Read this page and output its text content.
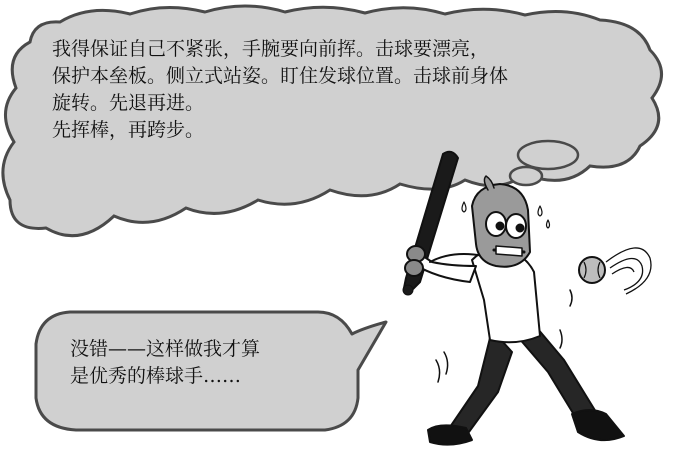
我得保证自己不紧张，手腕要向前挥。击球要漂亮，
保护本垒板。侧立式站姿。盯住发球位置。击球前身体
旋转。先退再进。
先挥棒，再跨步。
没错——这样做我才算
是优秀的棒球手……
